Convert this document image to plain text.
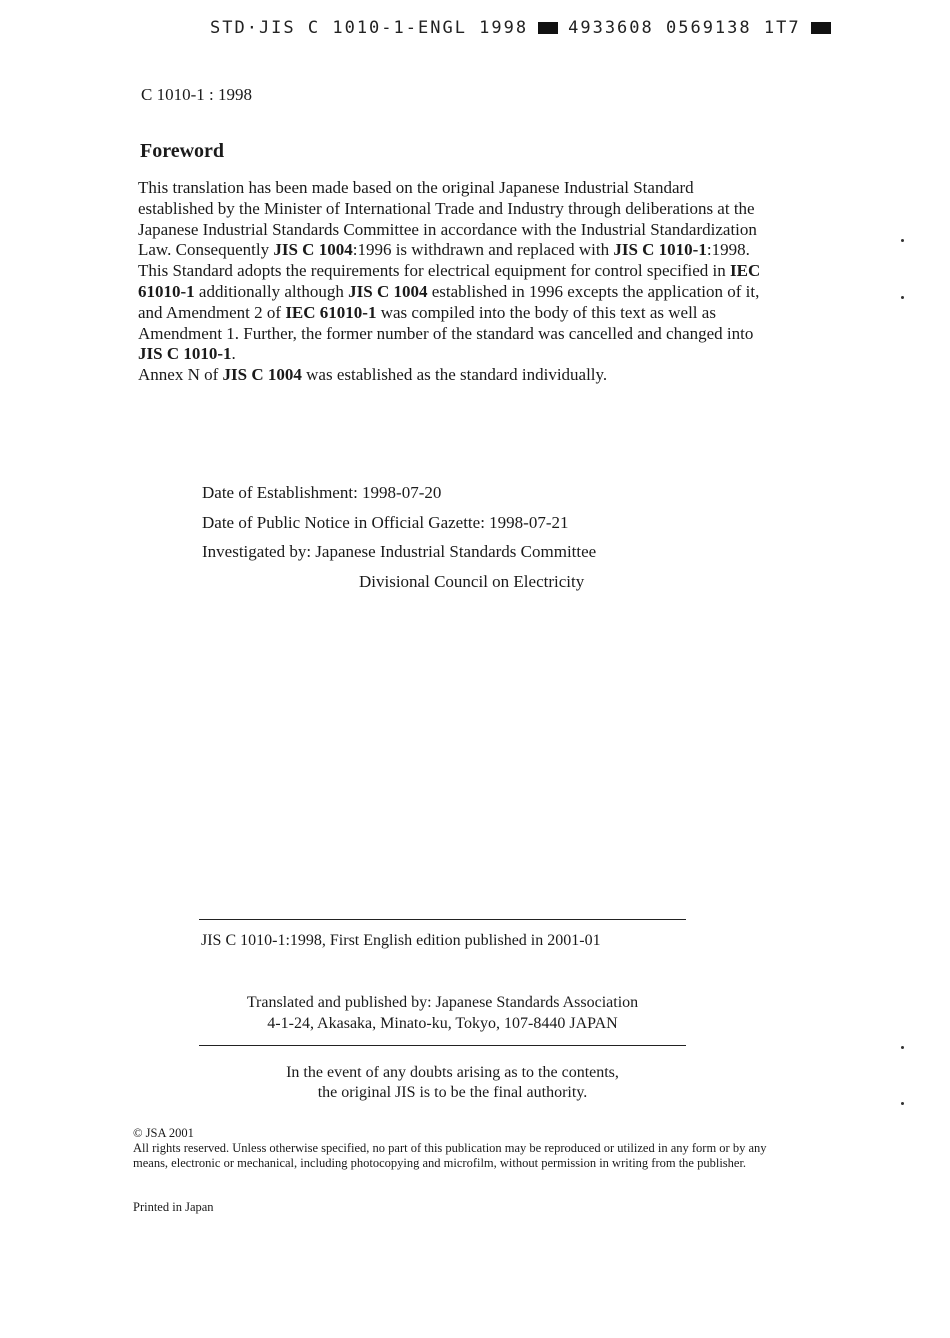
STD·JIS C 1010-1-ENGL 1998 4933608 0569138 1T7
C 1010-1 : 1998
Foreword
This translation has been made based on the original Japanese Industrial Standard established by the Minister of International Trade and Industry through deliberations at the Japanese Industrial Standards Committee in accordance with the Industrial Standardization Law. Consequently JIS C 1004:1996 is withdrawn and replaced with JIS C 1010-1:1998. This Standard adopts the requirements for electrical equipment for control specified in IEC 61010-1 additionally although JIS C 1004 established in 1996 excepts the application of it, and Amendment 2 of IEC 61010-1 was compiled into the body of this text as well as Amendment 1. Further, the former number of the standard was cancelled and changed into JIS C 1010-1.
Annex N of JIS C 1004 was established as the standard individually.
Date of Establishment: 1998-07-20
Date of Public Notice in Official Gazette: 1998-07-21
Investigated by: Japanese Industrial Standards Committee
Divisional Council on Electricity
JIS C 1010-1:1998, First English edition published in 2001-01
Translated and published by: Japanese Standards Association
4-1-24, Akasaka, Minato-ku, Tokyo, 107-8440 JAPAN
In the event of any doubts arising as to the contents,
the original JIS is to be the final authority.
© JSA 2001
All rights reserved. Unless otherwise specified, no part of this publication may be reproduced or utilized in any form or by any means, electronic or mechanical, including photocopying and microfilm, without permission in writing from the publisher.
Printed in Japan
